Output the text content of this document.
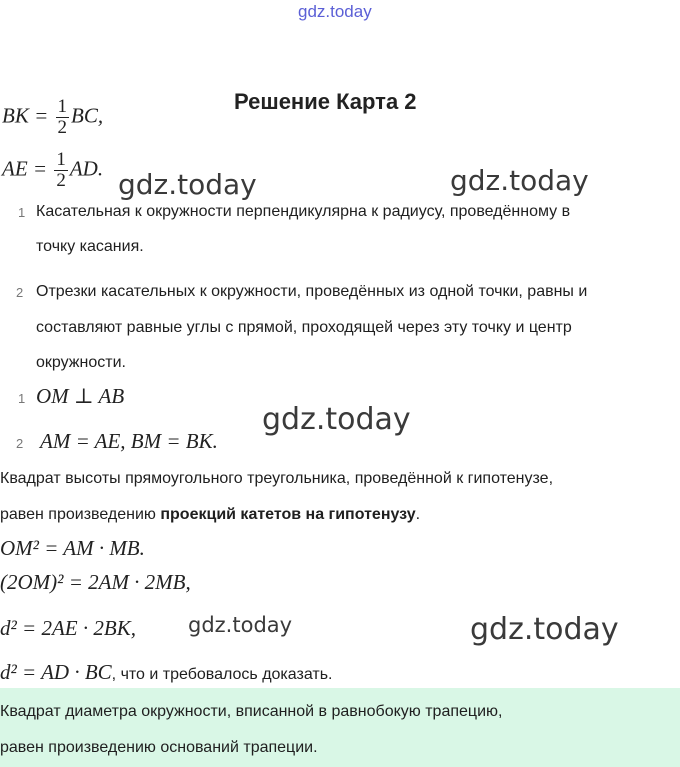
gdz.today
Решение Карта 2
BK = $\frac{1}{2}$ BC,
AE = $\frac{1}{2}$ AD. gdz.today	gdz.today
gdz.today
gdz.today	gdz.today
1 Касательная к окружности перпендикулярна к радиусу, проведённому в
точку касания.
2 Отрезки касательных к окружности, проведённых из одной точки, равны и
составляют равные углы с прямой, проходящей через эту точку и центр
окружности.
1 OM ⊥ AB
2 AM = AE, BM = BK.
Квадрат высоты прямоугольного треугольника, проведённой к гипотенузе,
равен произведению проекций катетов на гипотенузу.
OM² = AM · MB.
(2OM)² = 2AM · 2MB,
d² = 2AE · 2BK,
d² = AD · BC, что и требовалось доказать.
Квадрат диаметра окружности, вписанной в равнобокую трапецию,
равен произведению оснований трапеции.
